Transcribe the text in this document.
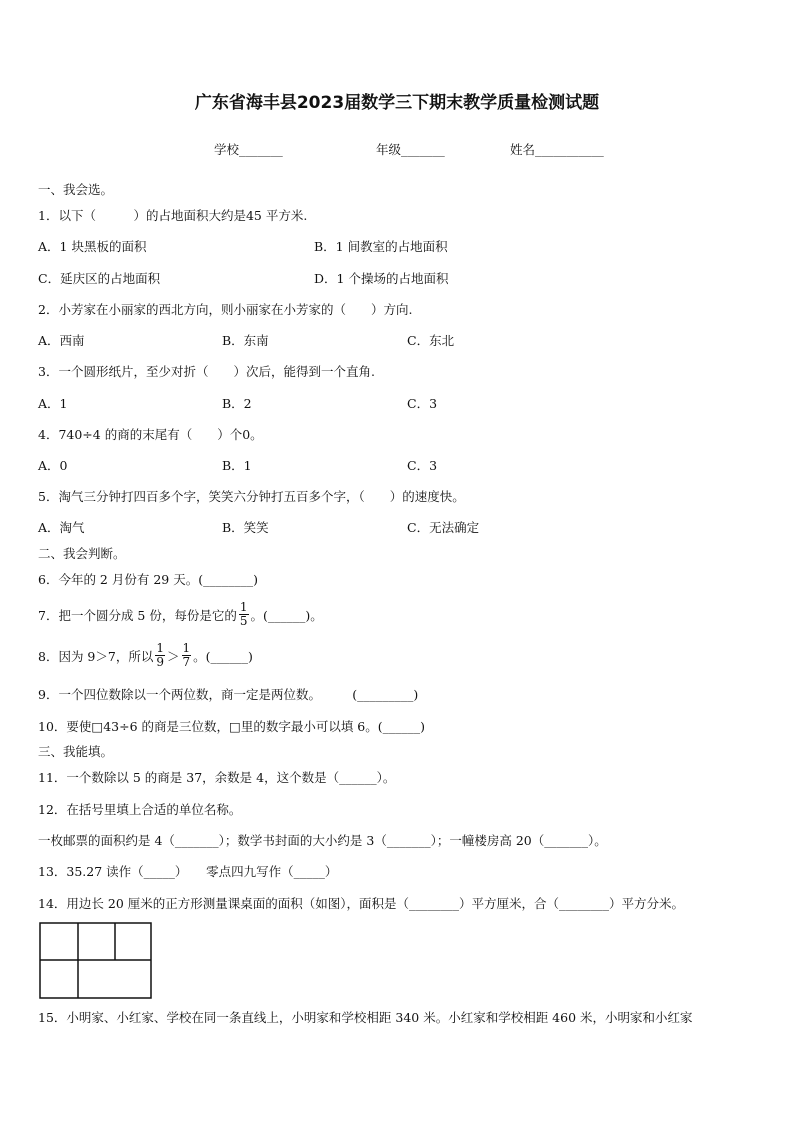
广东省海丰县2023届数学三下期末教学质量检测试题
学校_______	年级_______	姓名___________
一、我会选。
1．以下（　　　）的占地面积大约是45 平方米.
A．1 块黑板的面积	B．1 间教室的占地面积
C．延庆区的占地面积	D．1 个操场的占地面积
2．小芳家在小丽家的西北方向，则小丽家在小芳家的（　　）方向.
A．西南	B．东南	C．东北
3．一个圆形纸片，至少对折（　　）次后，能得到一个直角.
A．1	B．2	C．3
4．740÷4 的商的末尾有（　　）个0。
A．0	B．1	C．3
5．淘气三分钟打四百多个字，笑笑六分钟打五百多个字，（　　）的速度快。
A．淘气	B．笑笑	C．无法确定
二、我会判断。
6．今年的 2 月份有 29 天。(________)
7．把一个圆分成 5 份，每份是它的 $\frac{1}{5}$ 。(______)。
8．因为 9＞7，所以 $\frac{1}{9} > \frac{1}{7}$ 。(______)
9．一个四位数除以一个两位数，商一定是两位数。　　　(_________)
10．要使□43÷6 的商是三位数，□里的数字最小可以填 6。(______)
三、我能填。
11．一个数除以 5 的商是 37，余数是 4，这个数是（______）。
12．在括号里填上合适的单位名称。
一枚邮票的面积约是 4（_______）；数学书封面的大小约是 3（_______）；一幢楼房高 20（_______）。
13．35.27 读作（_____）　　零点四九写作（_____）
14．用边长 20 厘米的正方形测量课桌面的面积（如图），面积是（________）平方厘米，合（________）平方分米。
15．小明家、小红家、学校在同一条直线上，小明家和学校相距 340 米。小红家和学校相距 460 米，小明家和小红家
